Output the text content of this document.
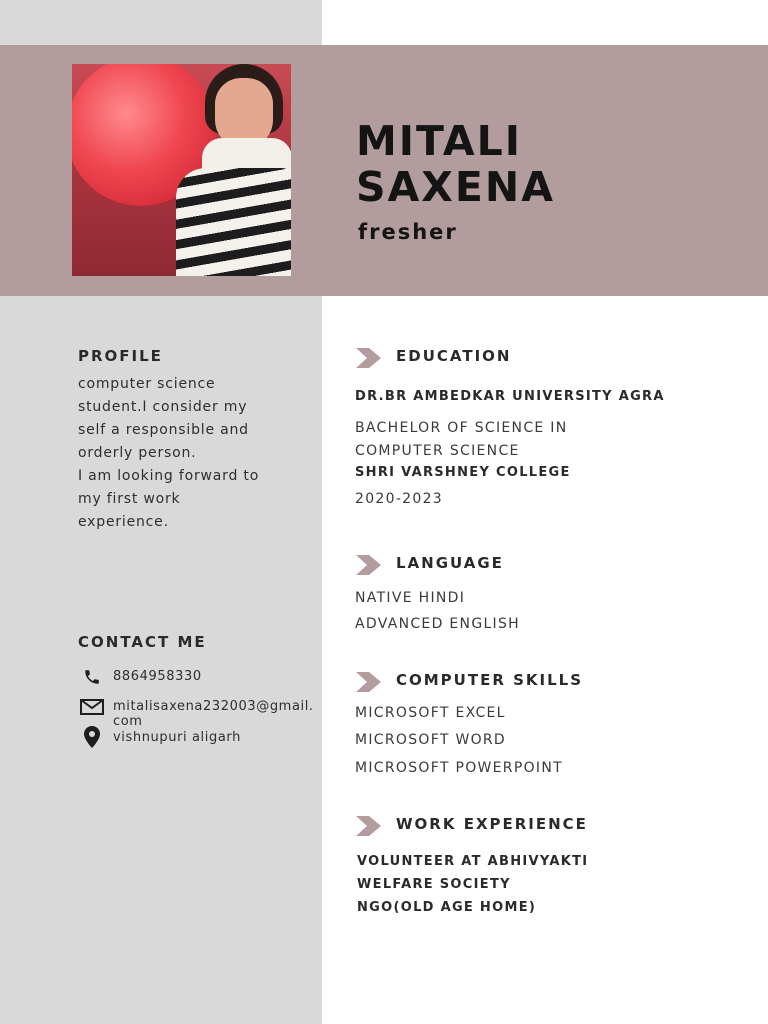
MITALI
SAXENA
fresher
PROFILE
computer science
student.I consider my
self a responsible and
orderly person.
I am looking forward to
my first work
experience.
CONTACT ME
8864958330
mitalisaxena232003@gmail.com
vishnupuri aligarh
EDUCATION
DR.BR AMBEDKAR UNIVERSITY AGRA
BACHELOR OF SCIENCE IN
COMPUTER SCIENCE
SHRI VARSHNEY COLLEGE
2020-2023
LANGUAGE
NATIVE HINDI
ADVANCED ENGLISH
COMPUTER SKILLS
MICROSOFT EXCEL
MICROSOFT WORD
MICROSOFT POWERPOINT
WORK EXPERIENCE
VOLUNTEER AT ABHIVYAKTI
WELFARE SOCIETY
NGO(OLD AGE HOME)
